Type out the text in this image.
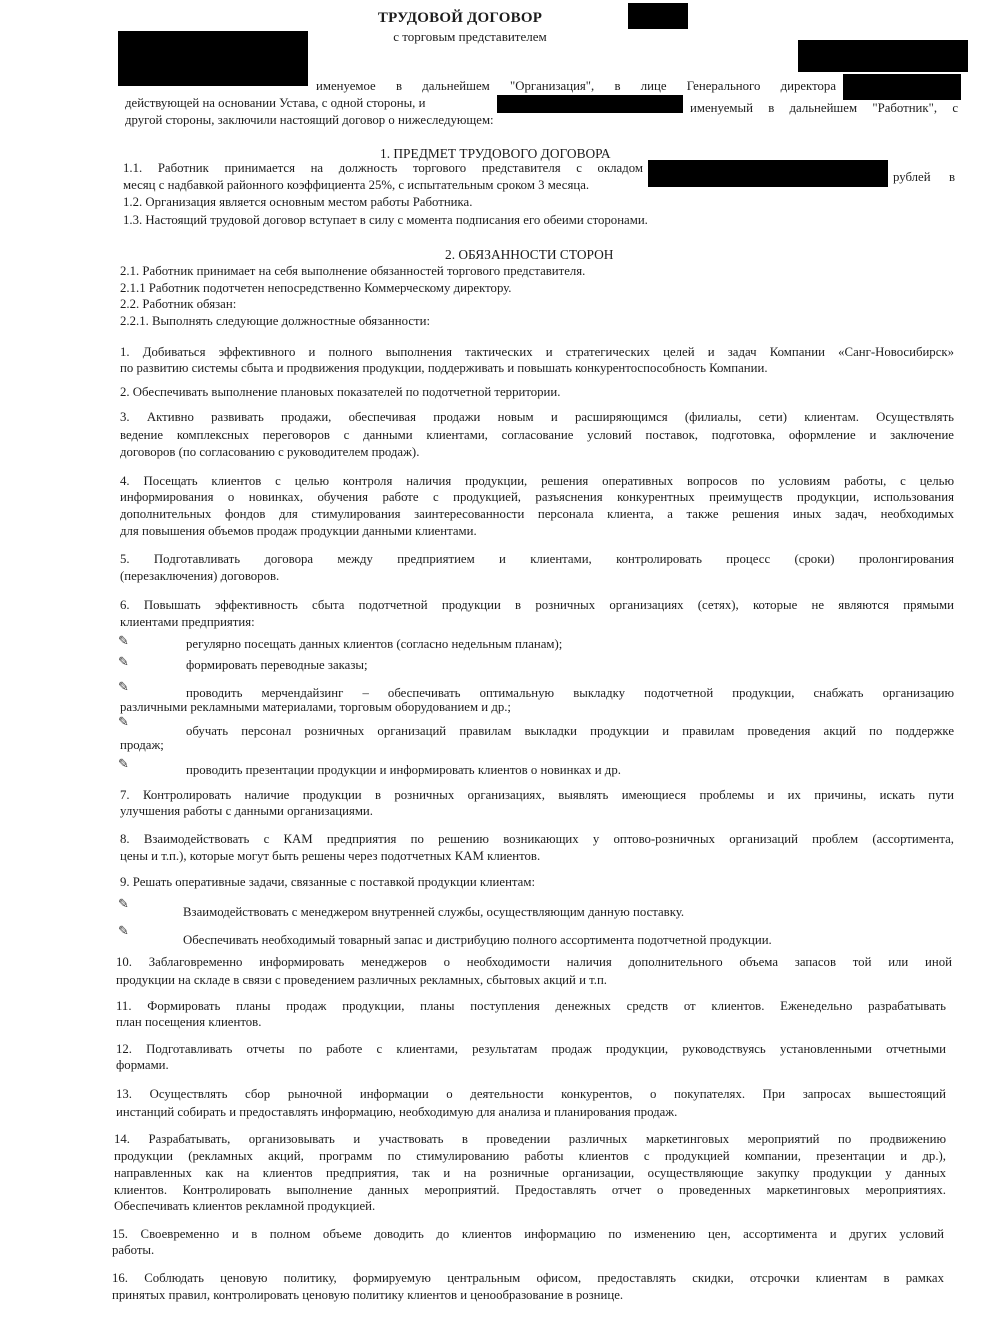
ТРУДОВОЙ ДОГОВОР
с торговым представителем
именуемое в дальнейшем "Организация", в лице Генерального директора
действующей на основании Устава, с одной стороны, и	именуемый в дальнейшем "Работник", с
другой стороны, заключили настоящий договор о нижеследующем:
1. ПРЕДМЕТ ТРУДОВОГО ДОГОВОРА
1.1. Работник принимается на должность торгового представителя с окладом
рублей в
месяц с надбавкой районного коэффициента 25%, с испытательным сроком 3 месяца.
1.2. Организация является основным местом работы Работника.
1.3. Настоящий трудовой договор вступает в силу с момента подписания его обеими сторонами.
2. ОБЯЗАННОСТИ СТОРОН
2.1. Работник принимает на себя выполнение обязанностей торгового представителя.
2.1.1 Работник подотчетен непосредственно Коммерческому директору.
2.2. Работник обязан:
2.2.1. Выполнять следующие должностные обязанности:
1. Добиваться эффективного и полного выполнения тактических и стратегических целей и задач Компании «Санг-Новосибирск»
по развитию системы сбыта и продвижения продукции, поддерживать и повышать конкурентоспособность Компании.
2. Обеспечивать выполнение плановых показателей по подотчетной территории.
3. Активно развивать продажи, обеспечивая продажи новым и расширяющимся (филиалы, сети) клиентам. Осуществлять
ведение комплексных переговоров с данными клиентами, согласование условий поставок, подготовка, оформление и заключение
договоров (по согласованию с руководителем продаж).
4. Посещать клиентов с целью контроля наличия продукции, решения оперативных вопросов по условиям работы, с целью
информирования о новинках, обучения работе с продукцией, разъяснения конкурентных преимуществ продукции, использования
дополнительных фондов для стимулирования заинтересованности персонала клиента, а также решения иных задач, необходимых
для повышения объемов продаж продукции данными клиентами.
5. Подготавливать договора между предприятием и клиентами, контролировать процесс (сроки) пролонгирования
(перезаключения) договоров.
6. Повышать эффективность сбыта подотчетной продукции в розничных организациях (сетях), которые не являются прямыми
клиентами предприятия:
✎	регулярно посещать данных клиентов (согласно недельным планам);
✎	формировать переводные заказы;
✎	проводить мерчендайзинг – обеспечивать оптимальную выкладку подотчетной продукции, снабжать организацию
различными рекламными материалами, торговым оборудованием и др.;
✎
обучать персонал розничных организаций правилам выкладки продукции и правилам проведения акций по поддержке
продаж;
✎	проводить презентации продукции и информировать клиентов о новинках и др.
7. Контролировать наличие продукции в розничных организациях, выявлять имеющиеся проблемы и их причины, искать пути
улучшения работы с данными организациями.
8. Взаимодействовать с КАМ предприятия по решению возникающих у оптово-розничных организаций проблем (ассортимента,
цены и т.п.), которые могут быть решены через подотчетных КАМ клиентов.
9. Решать оперативные задачи, связанные с поставкой продукции клиентам:
✎	Взаимодействовать с менеджером внутренней службы, осуществляющим данную поставку.
✎
Обеспечивать необходимый товарный запас и дистрибуцию полного ассортимента подотчетной продукции.
10. Заблаговременно информировать менеджеров о необходимости наличия дополнительного объема запасов той или иной
продукции на складе в связи с проведением различных рекламных, сбытовых акций и т.п.
11. Формировать планы продаж продукции, планы поступления денежных средств от клиентов. Еженедельно разрабатывать
план посещения клиентов.
12. Подготавливать отчеты по работе с клиентами, результатам продаж продукции, руководствуясь установленными отчетными
формами.
13. Осуществлять сбор рыночной информации о деятельности конкурентов, о покупателях. При запросах вышестоящий
инстанций собирать и предоставлять информацию, необходимую для анализа и планирования продаж.
14. Разрабатывать, организовывать и участвовать в проведении различных маркетинговых мероприятий по продвижению
продукции (рекламных акций, программ по стимулированию работы клиентов с продукцией компании, презентации и др.),
направленных как на клиентов предприятия, так и на розничные организации, осуществляющие закупку продукции у данных
клиентов. Контролировать выполнение данных мероприятий. Предоставлять отчет о проведенных маркетинговых мероприятиях.
Обеспечивать клиентов рекламной продукцией.
15. Своевременно и в полном объеме доводить до клиентов информацию по изменению цен, ассортимента и других условий
работы.
16. Соблюдать ценовую политику, формируемую центральным офисом, предоставлять скидки, отсрочки клиентам в рамках
принятых правил, контролировать ценовую политику клиентов и ценообразование в рознице.
